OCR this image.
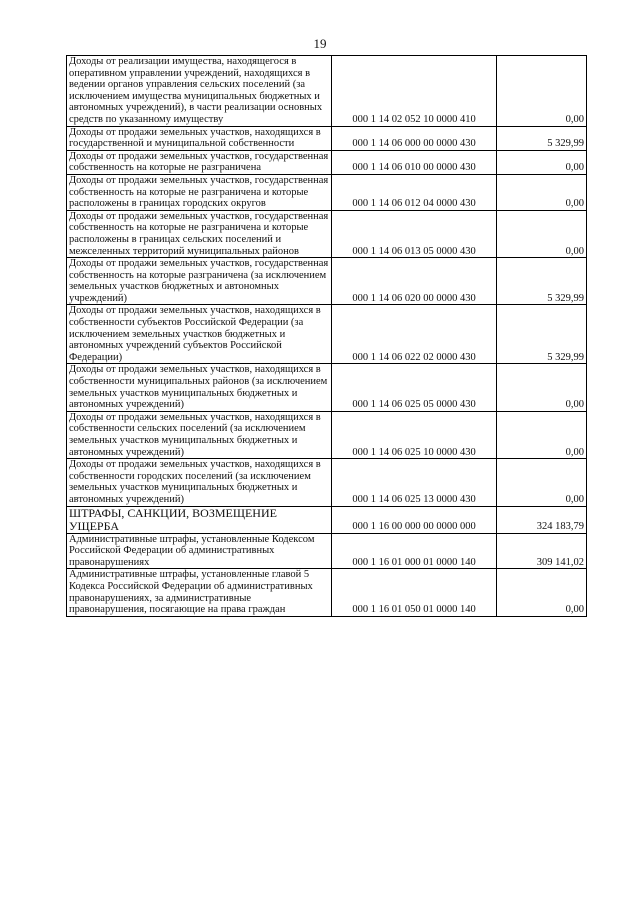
19
Доходы от реализации имущества, находящегося в оперативном управлении учреждений, находящихся в ведении органов управления сельских поселений (за исключением имущества муниципальных бюджетных и автономных учреждений), в части реализации основных средств по указанному имуществу	000 1 14 02 052 10 0000 410	0,00
Доходы от продажи земельных участков, находящихся в государственной и муниципальной собственности	000 1 14 06 000 00 0000 430	5 329,99
Доходы от продажи земельных участков, государственная собственность на которые не разграничена	000 1 14 06 010 00 0000 430	0,00
Доходы от продажи земельных участков, государственная собственность на которые не разграничена и которые расположены в границах городских округов	000 1 14 06 012 04 0000 430	0,00
Доходы от продажи земельных участков, государственная собственность на которые не разграничена и которые расположены в границах сельских поселений и межселенных территорий муниципальных районов	000 1 14 06 013 05 0000 430	0,00
Доходы от продажи земельных участков, государственная собственность на которые разграничена (за исключением земельных участков бюджетных и автономных учреждений)	000 1 14 06 020 00 0000 430	5 329,99
Доходы от продажи земельных участков, находящихся в собственности субъектов Российской Федерации (за исключением земельных участков бюджетных и автономных учреждений субъектов Российской Федерации)	000 1 14 06 022 02 0000 430	5 329,99
Доходы от продажи земельных участков, находящихся в собственности муниципальных районов (за исключением земельных участков муниципальных бюджетных и автономных учреждений)	000 1 14 06 025 05 0000 430	0,00
Доходы от продажи земельных участков, находящихся в собственности сельских поселений (за исключением земельных участков муниципальных бюджетных и автономных учреждений)	000 1 14 06 025 10 0000 430	0,00
Доходы от продажи земельных участков, находящихся в собственности городских поселений (за исключением земельных участков муниципальных бюджетных и автономных учреждений)	000 1 14 06 025 13 0000 430	0,00
ШТРАФЫ, САНКЦИИ, ВОЗМЕЩЕНИЕ УЩЕРБА	000 1 16 00 000 00 0000 000	324 183,79
Административные штрафы, установленные Кодексом Российской Федерации об административных правонарушениях	000 1 16 01 000 01 0000 140	309 141,02
Административные штрафы, установленные главой 5 Кодекса Российской Федерации об административных правонарушениях, за административные правонарушения, посягающие на права граждан	000 1 16 01 050 01 0000 140	0,00
